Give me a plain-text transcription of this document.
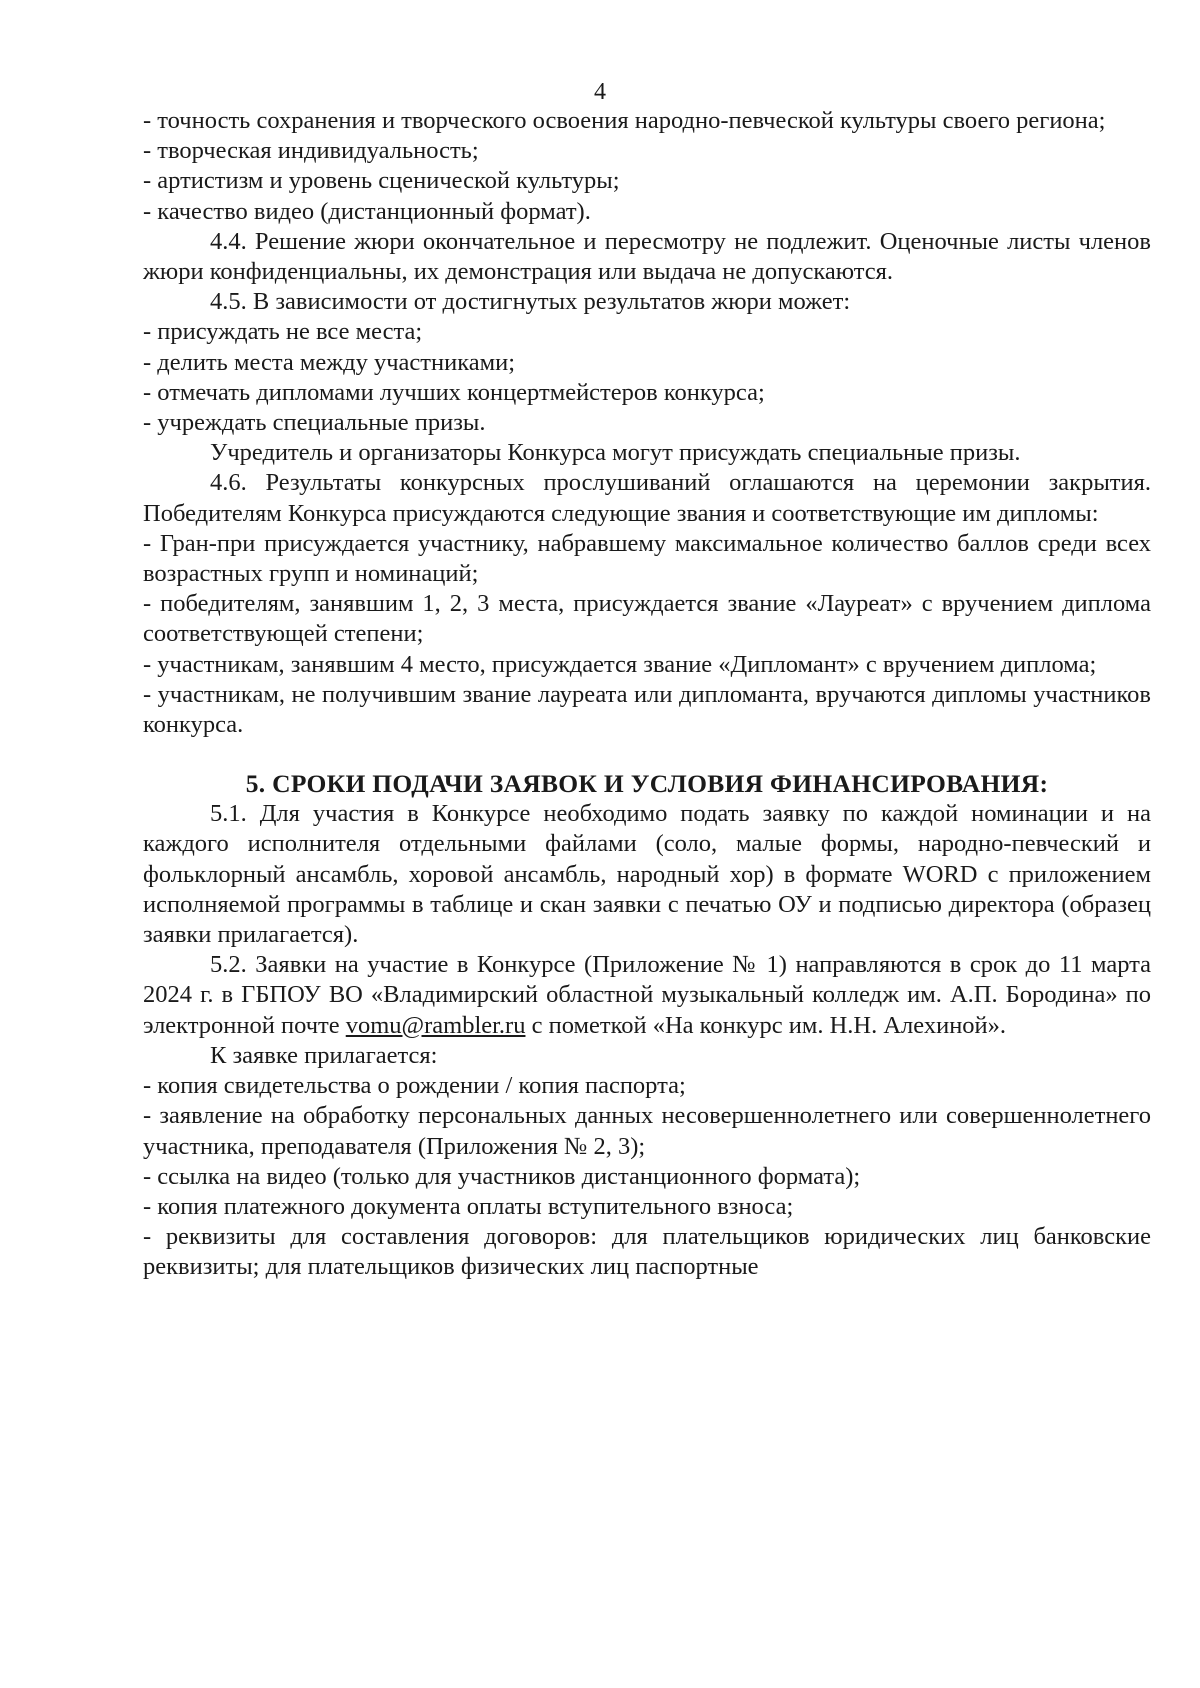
4

- точность сохранения и творческого освоения народно-певческой культуры своего региона;

- творческая индивидуальность;

- артистизм и уровень сценической культуры;

- качество видео (дистанционный формат).

4.4. Решение жюри окончательное и пересмотру не подлежит. Оценочные листы членов жюри конфиденциальны, их демонстрация или выдача не допускаются.

4.5. В зависимости от достигнутых результатов жюри может:

- присуждать не все места;

- делить места между участниками;

- отмечать дипломами лучших концертмейстеров конкурса;

- учреждать специальные призы.

Учредитель и организаторы Конкурса могут присуждать специальные призы.

4.6. Результаты конкурсных прослушиваний оглашаются на церемонии закрытия. Победителям Конкурса присуждаются следующие звания и соответствующие им дипломы:

- Гран-при присуждается участнику, набравшему максимальное количество баллов среди всех возрастных групп и номинаций;

- победителям, занявшим 1, 2, 3 места, присуждается звание «Лауреат» с вручением диплома соответствующей степени;

- участникам, занявшим 4 место, присуждается звание «Дипломант» с вручением диплома;

- участникам, не получившим звание лауреата или дипломанта, вручаются дипломы участников конкурса.

5. СРОКИ ПОДАЧИ ЗАЯВОК И УСЛОВИЯ ФИНАНСИРОВАНИЯ:

5.1. Для участия в Конкурсе необходимо подать заявку по каждой номинации и на каждого исполнителя отдельными файлами (соло, малые формы, народно-певческий и фольклорный ансамбль, хоровой ансамбль, народный хор) в формате WORD с приложением исполняемой программы в таблице и скан заявки с печатью ОУ и подписью директора (образец заявки прилагается).

5.2. Заявки на участие в Конкурсе (Приложение № 1) направляются в срок до 11 марта 2024 г. в ГБПОУ ВО «Владимирский областной музыкальный колледж им. А.П. Бородина» по электронной почте vomu@rambler.ru с пометкой «На конкурс им. Н.Н. Алехиной».

К заявке прилагается:

- копия свидетельства о рождении / копия паспорта;

- заявление на обработку персональных данных несовершеннолетнего или совершеннолетнего участника, преподавателя (Приложения № 2, 3);

- ссылка на видео (только для участников дистанционного формата);

- копия платежного документа оплаты вступительного взноса;

- реквизиты для составления договоров: для плательщиков юридических лиц банковские реквизиты; для плательщиков физических лиц паспортные
